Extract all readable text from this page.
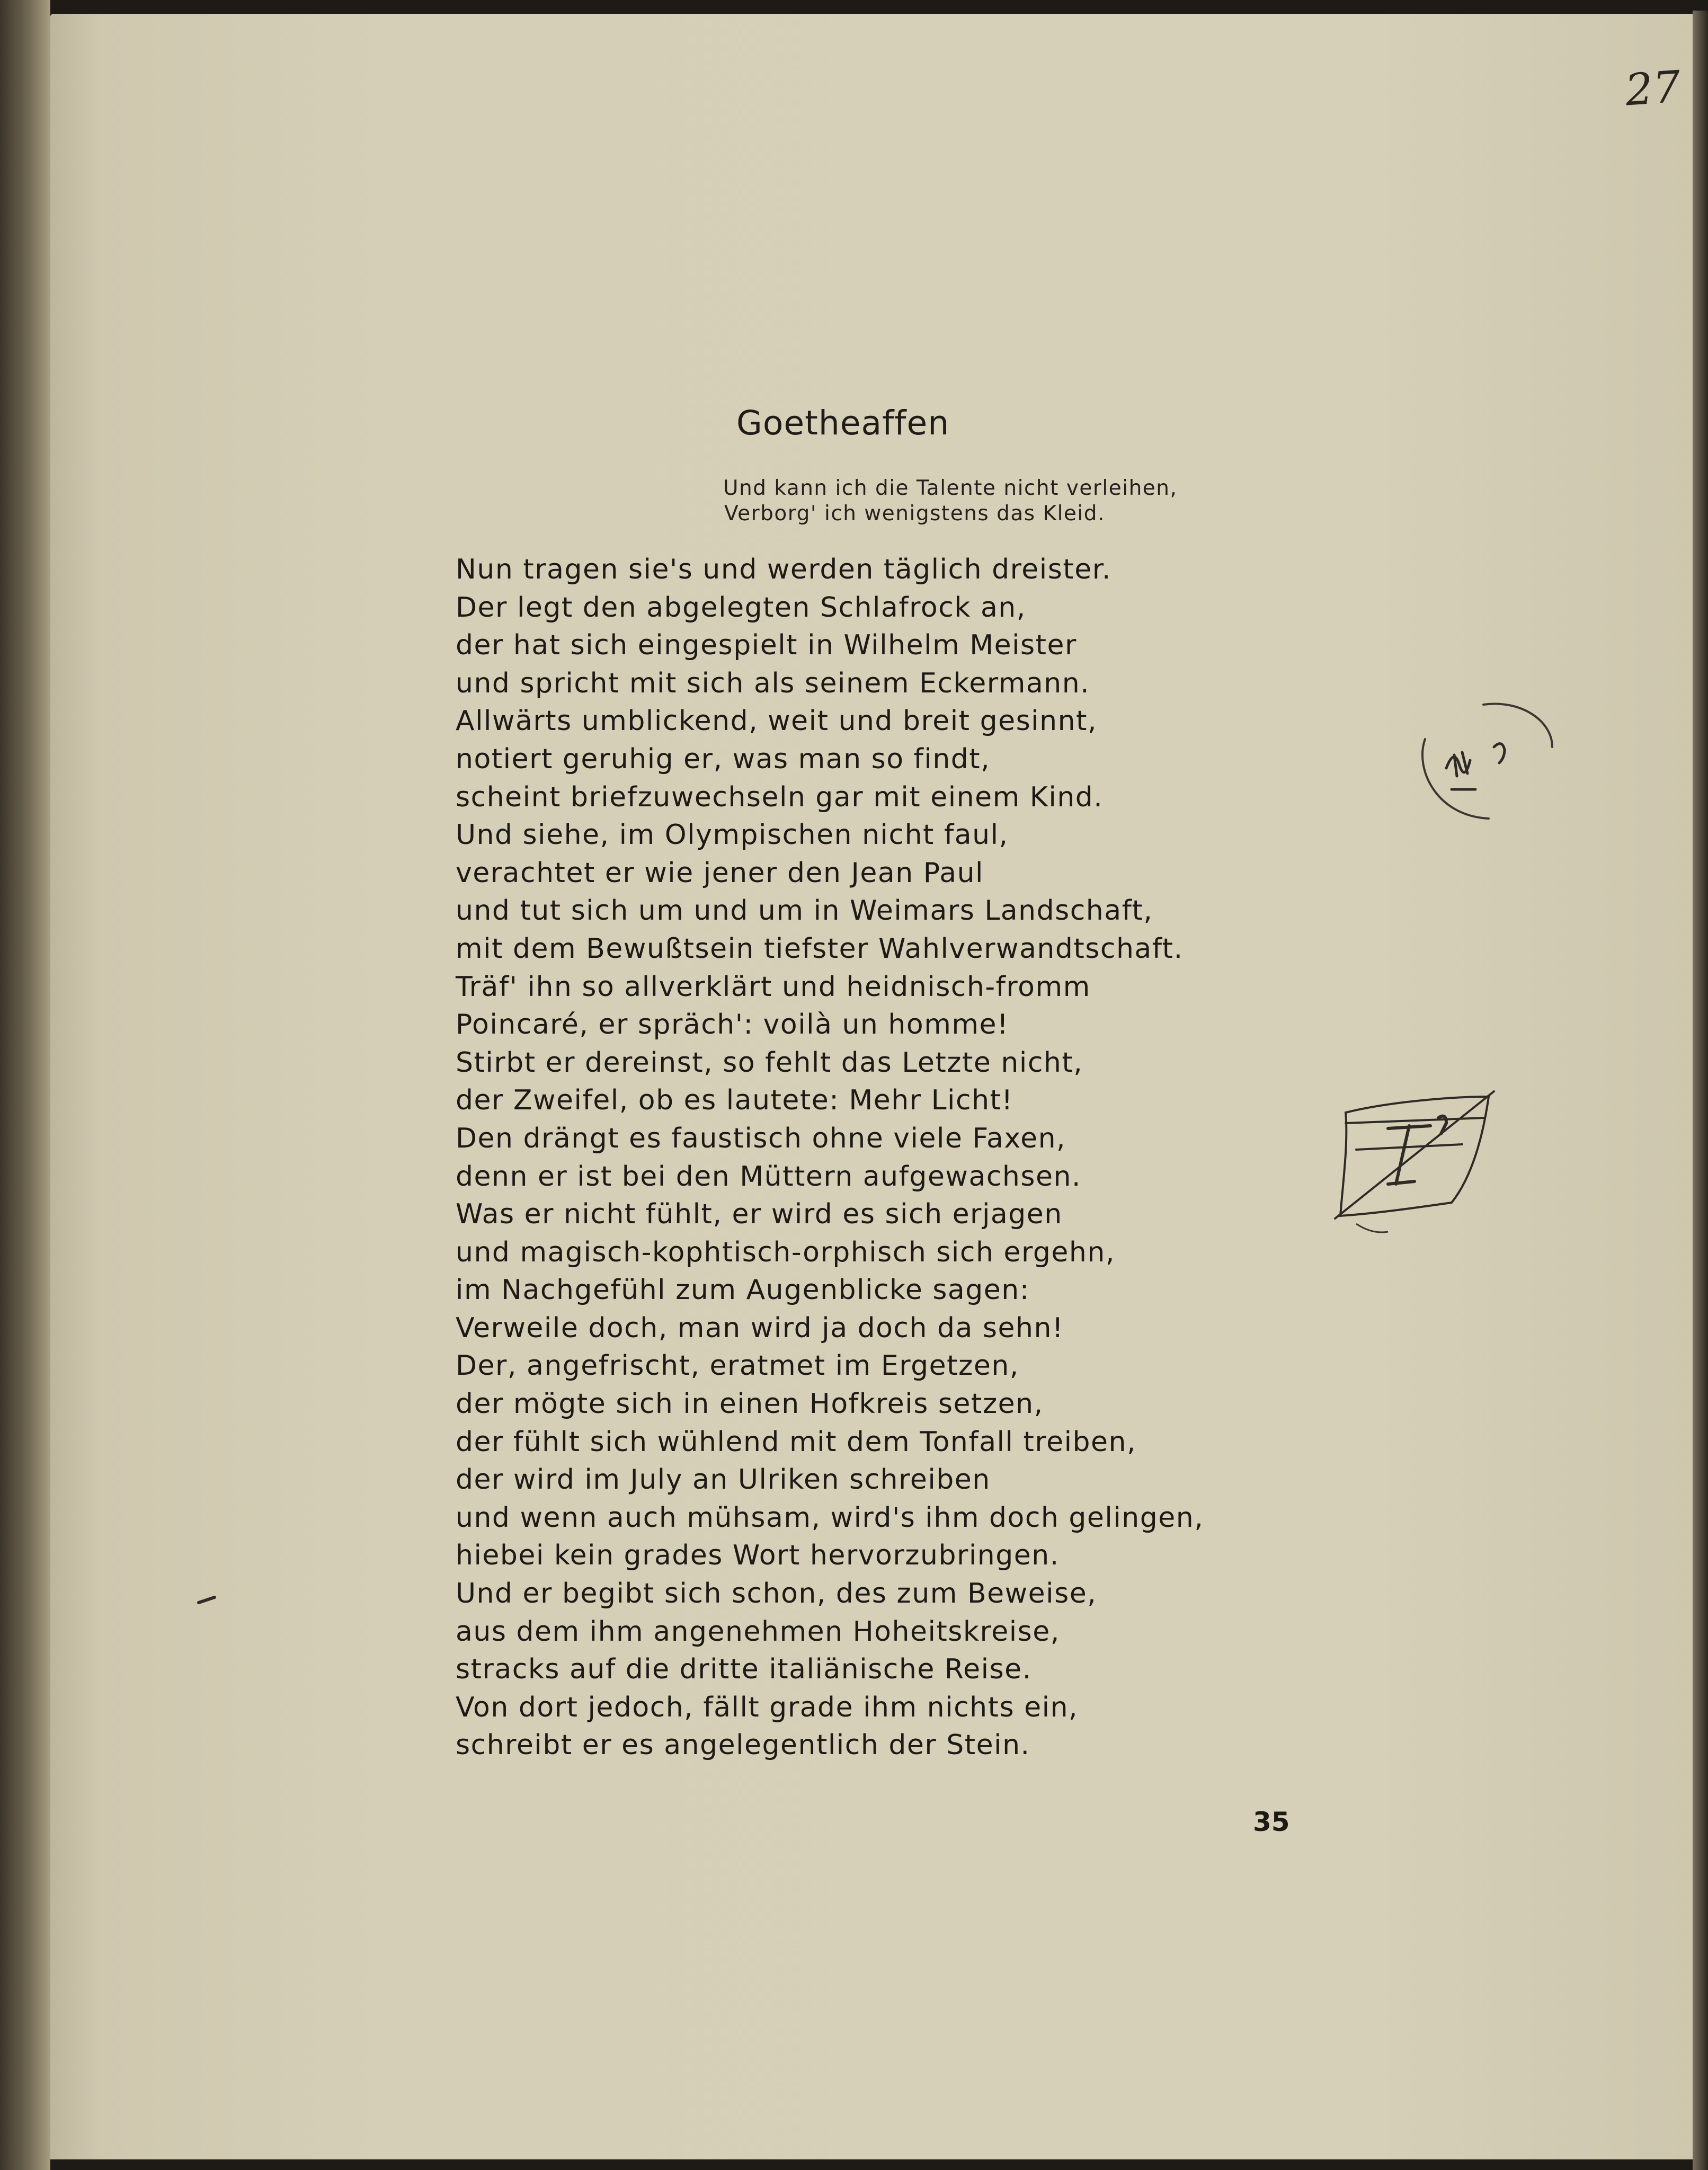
27
Goetheaffen
Und kann ich die Talente nicht verleihen,
Verborg' ich wenigstens das Kleid.
Nun tragen sie's und werden täglich dreister.
Der legt den abgelegten Schlafrock an,
der hat sich eingespielt in Wilhelm Meister
und spricht mit sich als seinem Eckermann.
Allwärts umblickend, weit und breit gesinnt,
notiert geruhig er, was man so findt,
scheint briefzuwechseln gar mit einem Kind.
Und siehe, im Olympischen nicht faul,
verachtet er wie jener den Jean Paul
und tut sich um und um in Weimars Landschaft,
mit dem Bewußtsein tiefster Wahlverwandtschaft.
Träf' ihn so allverklärt und heidnisch-fromm
Poincaré, er spräch': voilà un homme!
Stirbt er dereinst, so fehlt das Letzte nicht,
der Zweifel, ob es lautete: Mehr Licht!
Den drängt es faustisch ohne viele Faxen,
denn er ist bei den Müttern aufgewachsen.
Was er nicht fühlt, er wird es sich erjagen
und magisch-kophtisch-orphisch sich ergehn,
im Nachgefühl zum Augenblicke sagen:
Verweile doch, man wird ja doch da sehn!
Der, angefrischt, eratmet im Ergetzen,
der mögte sich in einen Hofkreis setzen,
der fühlt sich wühlend mit dem Tonfall treiben,
der wird im July an Ulriken schreiben
und wenn auch mühsam, wird's ihm doch gelingen,
hiebei kein grades Wort hervorzubringen.
Und er begibt sich schon, des zum Beweise,
aus dem ihm angenehmen Hoheitskreise,
stracks auf die dritte italiänische Reise.
Von dort jedoch, fällt grade ihm nichts ein,
schreibt er es angelegentlich der Stein.
35
